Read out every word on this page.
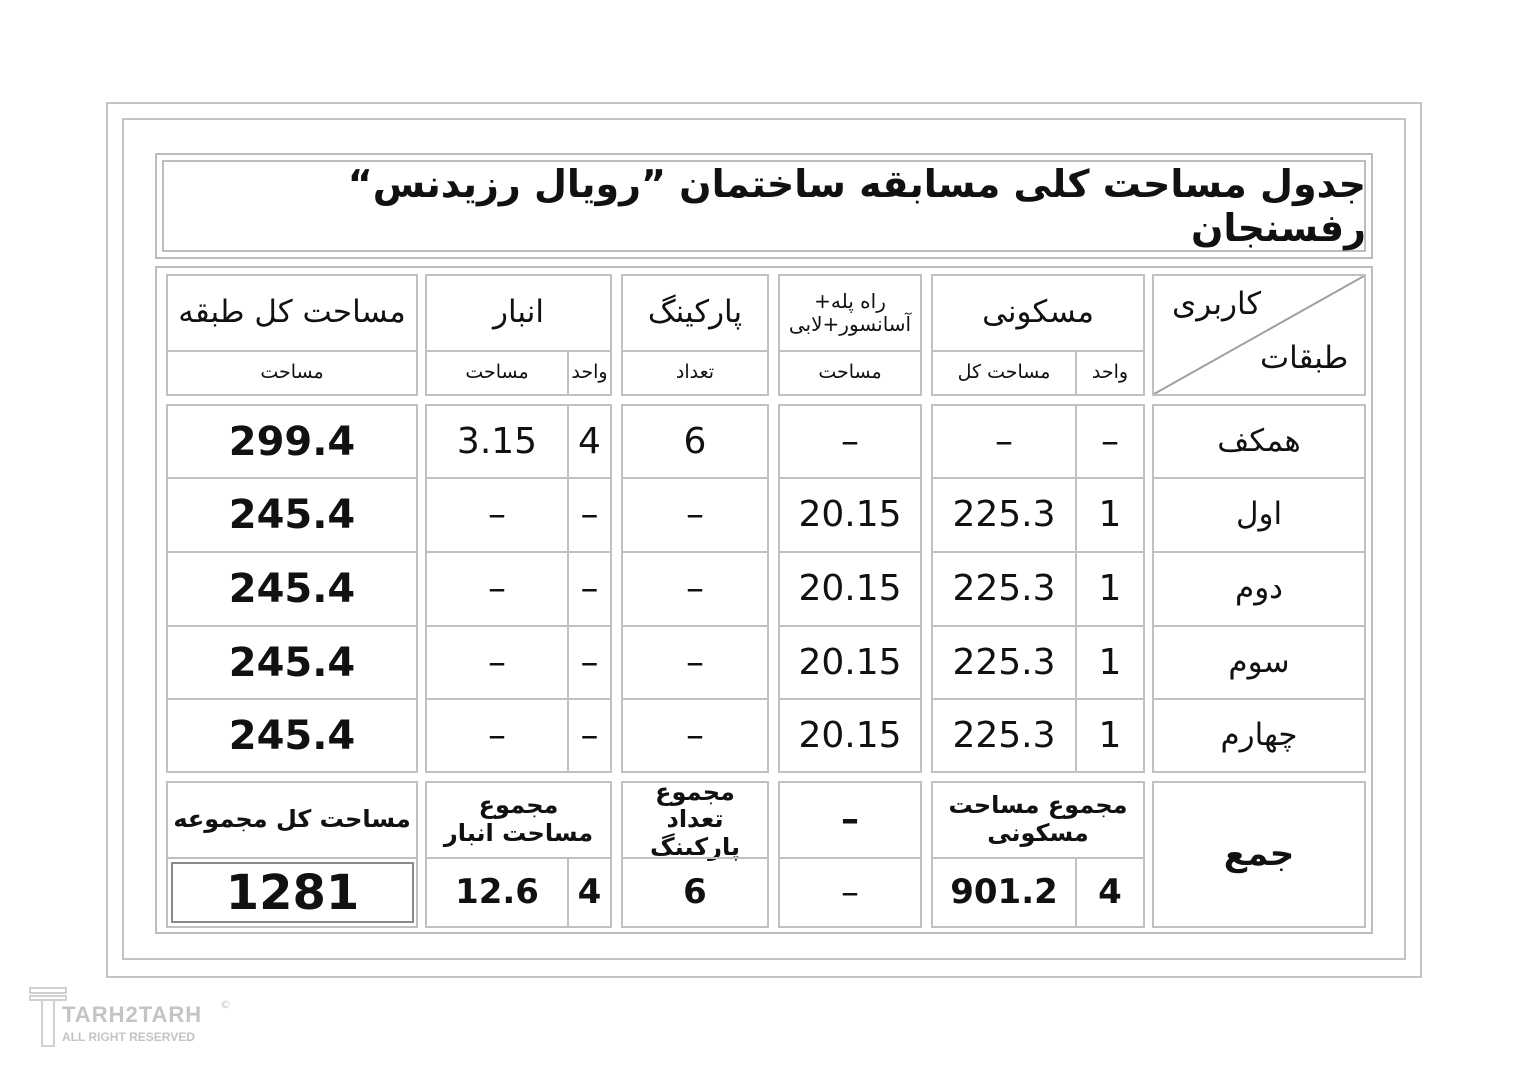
جدول مساحت کلی مسابقه ساختمان ”رویال رزیدنس“ رفسنجان
کاربری
طبقات
مسکونی
واحد
مساحت کل
راه پله+ آسانسور+لابی
مساحت
پارکینگ
تعداد
انبار
واحد
مساحت
مساحت کل طبقه
مساحت
همکف
–
–
–
6
4
3.15
299.4
اول
1
225.3
20.15
–
–
–
245.4
دوم
1
225.3
20.15
–
–
–
245.4
سوم
1
225.3
20.15
–
–
–
245.4
چهارم
1
225.3
20.15
–
–
–
245.4
جمع
مجموع مساحت مسکونی
4
901.2
–
–
مجموع تعداد پارکینگ
6
مجموع مساحت انبار
4
12.6
مساحت کل مجموعه
1281
TARH2TARH
ALL RIGHT RESERVED
©
